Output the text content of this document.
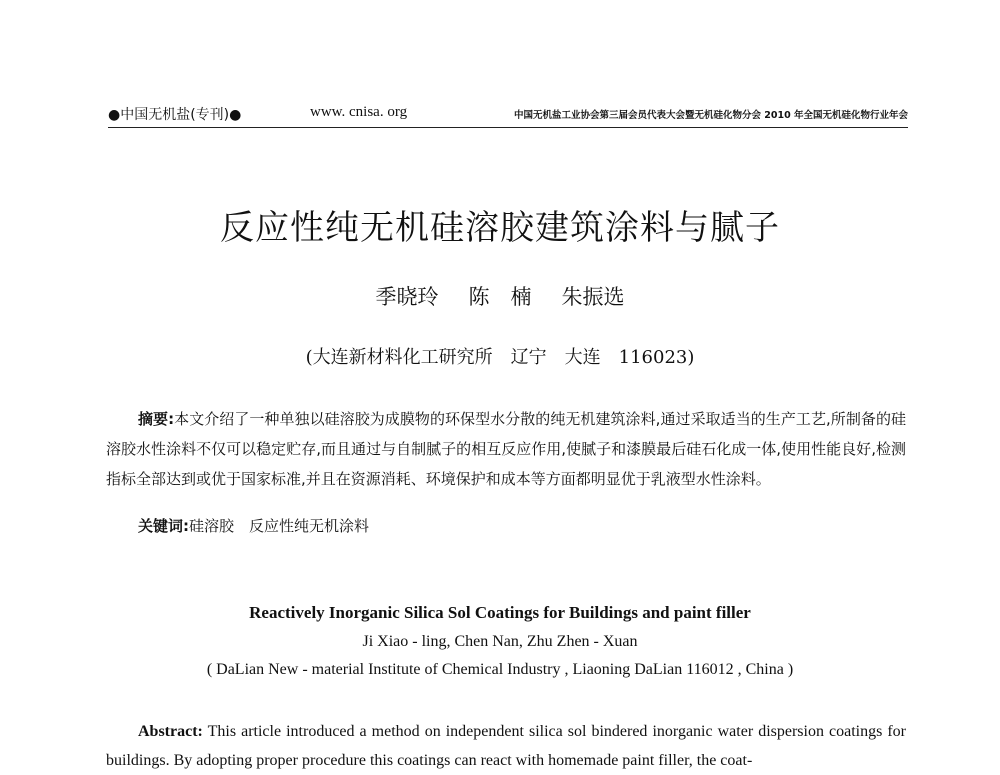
●中国无机盐(专刊)●	www. cnisa. org	中国无机盐工业协会第三届会员代表大会暨无机硅化物分会 2010 年全国无机硅化物行业年会
反应性纯无机硅溶胶建筑涂料与腻子
季晓玲 陈　楠 朱振选
(大连新材料化工研究所　辽宁　大连　116023)
摘要:本文介绍了一种单独以硅溶胶为成膜物的环保型水分散的纯无机建筑涂料,通过采取适当的生产工艺,所制备的硅溶胶水性涂料不仅可以稳定贮存,而且通过与自制腻子的相互反应作用,使腻子和漆膜最后硅石化成一体,使用性能良好,检测指标全部达到或优于国家标准,并且在资源消耗、环境保护和成本等方面都明显优于乳液型水性涂料。
关键词:硅溶胶　反应性纯无机涂料
Reactively Inorganic Silica Sol Coatings for Buildings and paint filler
Ji Xiao - ling, Chen Nan, Zhu Zhen - Xuan
( DaLian New - material Institute of Chemical Industry , Liaoning DaLian 116012 , China )
Abstract: This article introduced a method on independent silica sol bindered inorganic water dispersion coatings for buildings. By adopting proper procedure this coatings can react with homemade paint filler, the coat-
